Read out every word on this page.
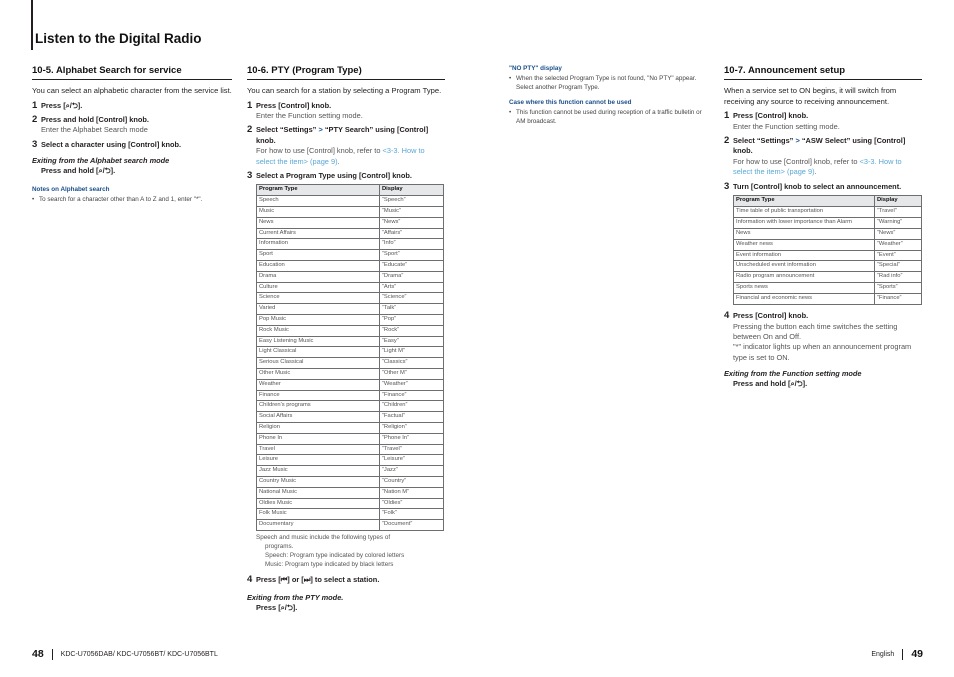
Listen to the Digital Radio
10-5. Alphabet Search for service
You can select an alphabetic character from the service list.
1 Press [⌕/⮌].
2 Press and hold [Control] knob.
Enter the Alphabet Search mode
3 Select a character using [Control] knob.
Exiting from the Alphabet search mode
Press and hold [⌕/⮌].
Notes on Alphabet search
• To search for a character other than A to Z and 1, enter "*".
10-6. PTY (Program Type)
You can search for a station by selecting a Program Type.
1 Press [Control] knob.
Enter the Function setting mode.
2 Select “Settings” > “PTY Search” using [Control] knob.
For how to use [Control] knob, refer to <3-3. How to select the item> (page 9).
3 Select a Program Type using [Control] knob.
Program Type	Display
Speech	“Speech”
Music	“Music”
News	“News”
Current Affairs	“Affairs”
Information	“Info”
Sport	“Sport”
Education	“Educate”
Drama	“Drama”
Culture	“Arts”
Science	“Science”
Varied	“Talk”
Pop Music	“Pop”
Rock Music	“Rock”
Easy Listening Music	“Easy”
Light Classical	“Light M”
Serious Classical	“Classics”
Other Music	“Other M”
Weather	“Weather”
Finance	“Finance”
Children's programs	“Children”
Social Affairs	“Factual”
Religion	“Religion”
Phone In	“Phone In”
Travel	“Travel”
Leisure	“Leisure”
Jazz Music	“Jazz”
Country Music	“Country”
National Music	“Nation M”
Oldies Music	“Oldies”
Folk Music	“Folk”
Documentary	“Document”
Speech and music include the following types of
programs.
Speech: Program type indicated by colored letters
Music: Program type indicated by black letters
4 Press [⏮] or [⏭] to select a station.
Exiting from the PTY mode.
Press [⌕/⮌].
"NO PTY" display
• When the selected Program Type is not found, "No PTY" appear. Select another Program Type.
Case where this function cannot be used
• This function cannot be used during reception of a traffic bulletin or AM broadcast.
10-7. Announcement setup
When a service set to ON begins, it will switch from receiving any source to receiving announcement.
1 Press [Control] knob.
Enter the Function setting mode.
2 Select “Settings” > “ASW Select” using [Control] knob.
For how to use [Control] knob, refer to <3-3. How to select the item> (page 9).
3 Turn [Control] knob to select an announcement.
Program Type	Display
Time table of public transportation	“Travel”
Information with lower importance than Alarm	“Warning”
News	“News”
Weather news	“Weather”
Event information	“Event”
Unscheduled event information	“Special”
Radio program announcement	“Rad info”
Sports news	“Sports”
Financial and economic news	“Finance”
4 Press [Control] knob.
Pressing the button each time switches the setting between On and Off.
"*" indicator lights up when an announcement program type is set to ON.
Exiting from the Function setting mode
Press and hold [⌕/⮌].
48 KDC-U7056DAB/ KDC-U7056BT/ KDC-U7056BTL	English 49
